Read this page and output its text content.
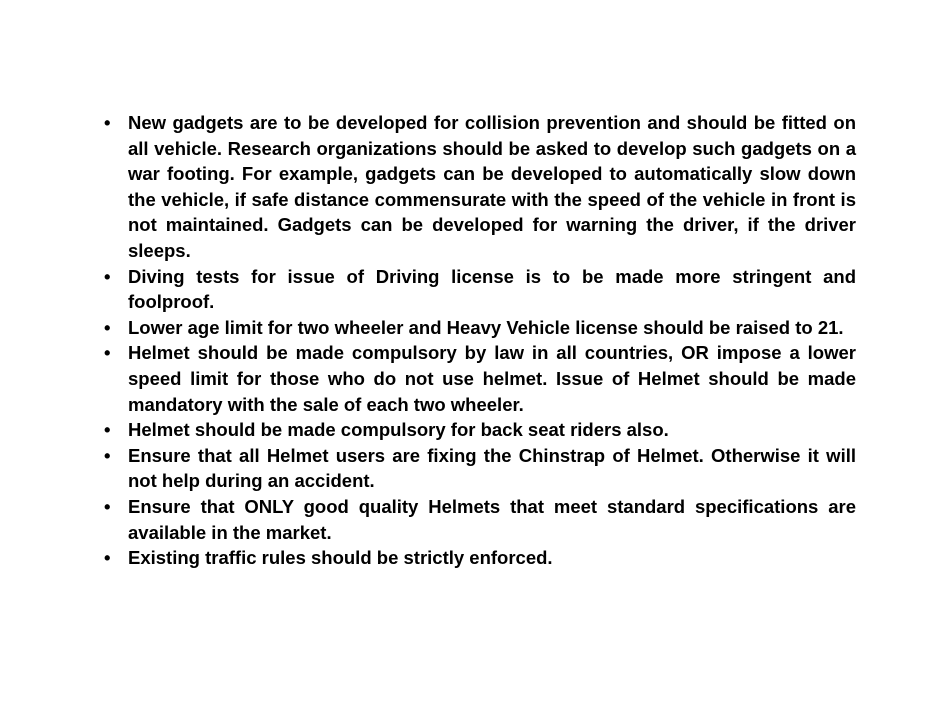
• New gadgets are to be developed for collision prevention and should be fitted on all vehicle. Research organizations should be asked to develop such gadgets on a war footing. For example, gadgets can be developed to automatically slow down the vehicle, if safe distance commensurate with the speed of the vehicle in front is not maintained. Gadgets can be developed for warning the driver, if the driver sleeps.
• Diving tests for issue of Driving license is to be made more stringent and foolproof.
• Lower age limit for two wheeler and Heavy Vehicle license should be raised to 21.
• Helmet should be made compulsory by law in all countries, OR impose a lower speed limit for those who do not use helmet. Issue of Helmet should be made mandatory with the sale of each two wheeler.
• Helmet should be made compulsory for back seat riders also.
• Ensure that all Helmet users are fixing the Chinstrap of Helmet. Otherwise it will not help during an accident.
• Ensure that ONLY good quality Helmets that meet standard specifications are available in the market.
• Existing traffic rules should be strictly enforced.
